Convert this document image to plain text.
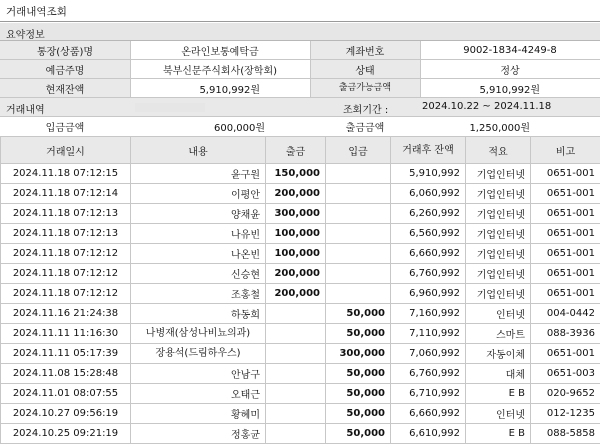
거래내역조회
요약정보
통장(상품)명	온라인보통예탁금	계좌번호	9002-1834-4249-8
예금주명	북부신문주식회사(장학회)	상태	정상
현재잔액	5,910,992원	출금가능금액	5,910,992원
거래내역	조회기간 :	2024.10.22 ~ 2024.11.18
입금금액	600,000원	출금금액	1,250,000원
거래일시	내용	출금	입금	거래후 잔액	적요	비고
2024.11.18 07:12:15	윤구원	150,000		5,910,992	기업인터넷	0651-001
2024.11.18 07:12:14	이평안	200,000		6,060,992	기업인터넷	0651-001
2024.11.18 07:12:13	양채윤	300,000		6,260,992	기업인터넷	0651-001
2024.11.18 07:12:13	나유빈	100,000		6,560,992	기업인터넷	0651-001
2024.11.18 07:12:12	나온빈	100,000		6,660,992	기업인터넷	0651-001
2024.11.18 07:12:12	신승현	200,000		6,760,992	기업인터넷	0651-001
2024.11.18 07:12:12	조홍철	200,000		6,960,992	기업인터넷	0651-001
2024.11.16 21:24:38	하동희		50,000	7,160,992	인터넷	004-0442
2024.11.11 11:16:30	나병재(삼성나비뇨의과)		50,000	7,110,992	스마트	088-3936
2024.11.11 05:17:39	장용석(드림하우스)		300,000	7,060,992	자동이체	0651-001
2024.11.08 15:28:48	안남구		50,000	6,760,992	대체	0651-003
2024.11.01 08:07:55	오태근		50,000	6,710,992	E B	020-9652
2024.10.27 09:56:19	황혜미		50,000	6,660,992	인터넷	012-1235
2024.10.25 09:21:19	정홍균		50,000	6,610,992	E B	088-5858
